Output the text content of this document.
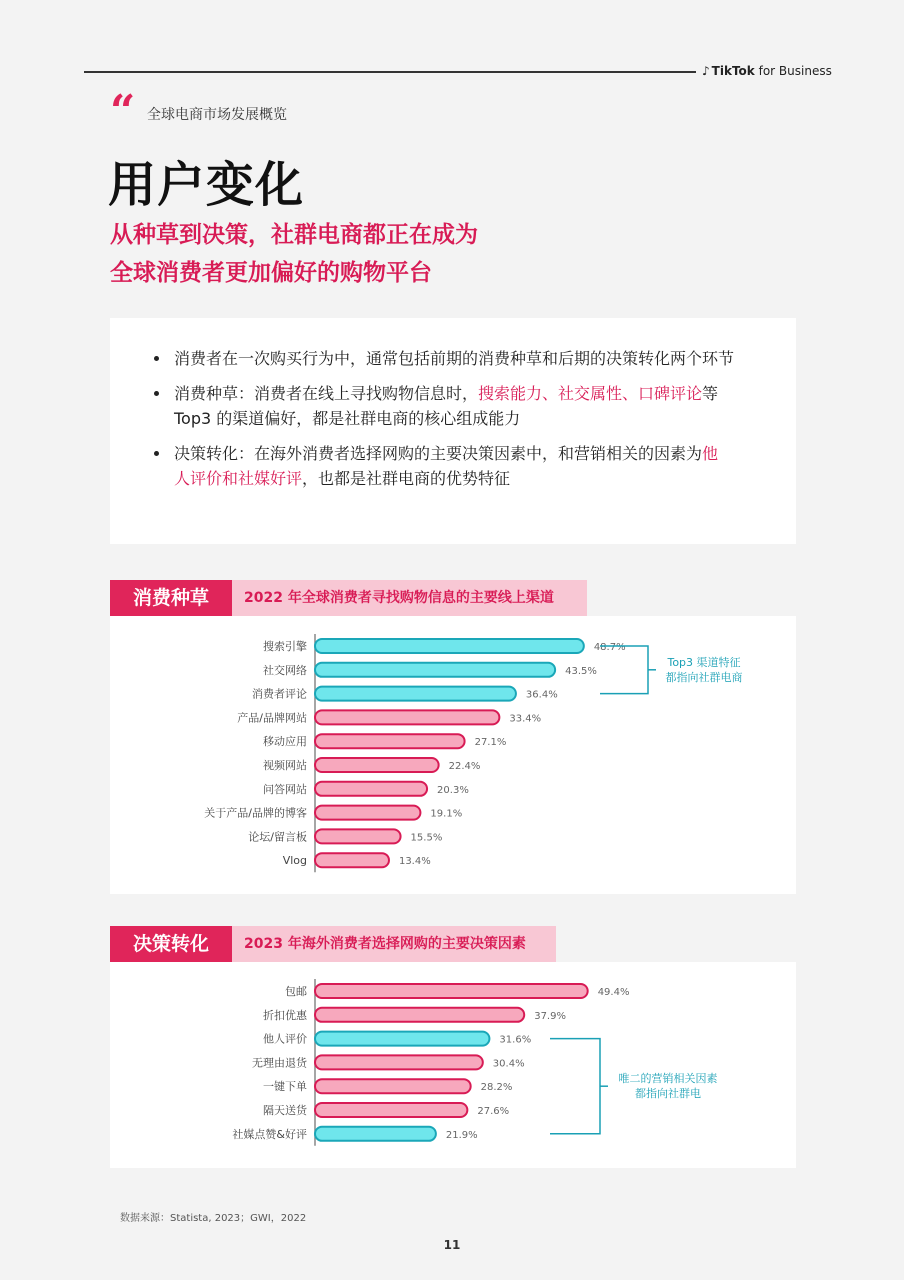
♪ TikTok for Business
“ 全球电商市场发展概览
用户变化
从种草到决策，社群电商都正在成为
全球消费者更加偏好的购物平台
消费者在一次购买行为中，通常包括前期的消费种草和后期的决策转化两个环节
消费种草：消费者在线上寻找购物信息时，搜索能力、社交属性、口碑评论等 Top3 的渠道偏好，都是社群电商的核心组成能力
决策转化：在海外消费者选择网购的主要决策因素中，和营销相关的因素为他人评价和社媒好评，也都是社群电商的优势特征
消费种草	2022 年全球消费者寻找购物信息的主要线上渠道
搜索引擎	48.7%
社交网络	43.5%
消费者评论	36.4%
产品/品牌网站	33.4%
移动应用	27.1%
视频网站	22.4%
问答网站	20.3%
关于产品/品牌的博客	19.1%
论坛/留言板	15.5%
Vlog	13.4%
Top3 渠道特征
都指向社群电商
决策转化	2023 年海外消费者选择网购的主要决策因素
包邮	49.4%
折扣优惠	37.9%
他人评价	31.6%
无理由退货	30.4%
一键下单	28.2%
隔天送货	27.6%
社媒点赞&好评	21.9%
唯二的营销相关因素
都指向社群电
数据来源：Statista, 2023；GWI，2022
11
